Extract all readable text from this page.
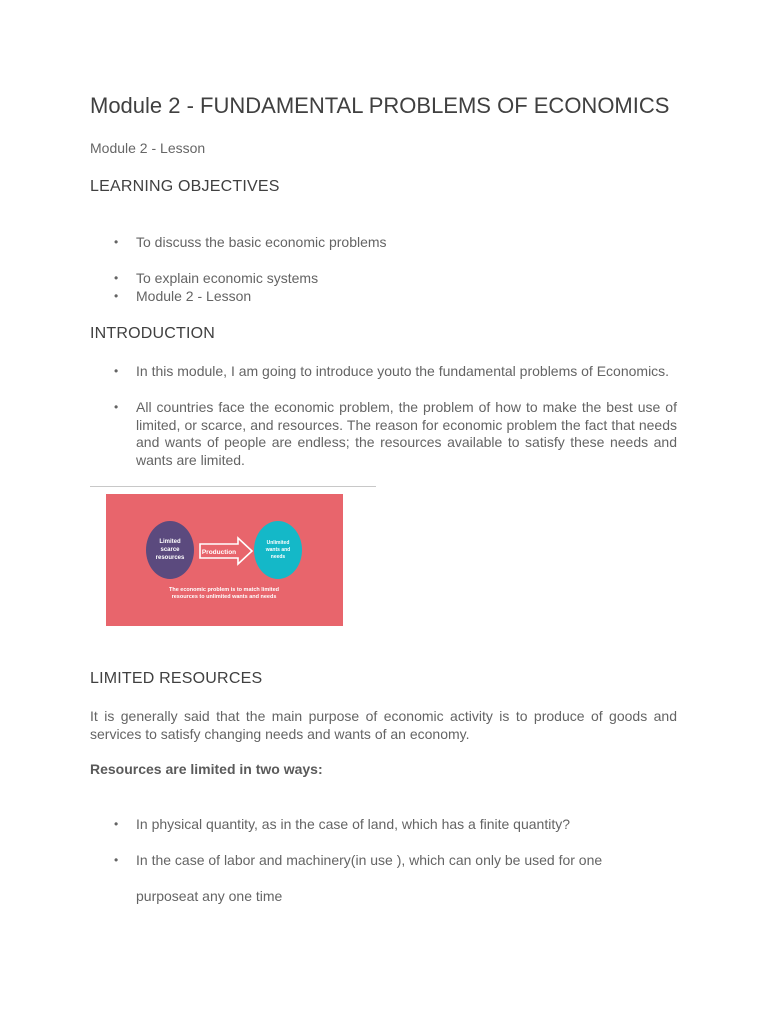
Module 2 - FUNDAMENTAL PROBLEMS OF ECONOMICS

Module 2 - Lesson

LEARNING OBJECTIVES
• To discuss the basic economic problems
• To explain economic systems
• Module 2 - Lesson
INTRODUCTION
• In this module, I am going to introduce youto the fundamental problems of Economics.
• All countries face the economic problem, the problem of how to make the best use of limited, or scarce, and resources. The reason for economic problem the fact that needs and wants of people are endless; the resources available to satisfy these needs and wants are limited.
Production
Limited
scarce
resources
Unlimited
wants and
needs
The economic problem is to match limited
resources to unlimited wants and needs
LIMITED RESOURCES

It is generally said that the main purpose of economic activity is to produce of goods and services to satisfy changing needs and wants of an economy.

Resources are limited in two ways:

• In physical quantity, as in the case of land, which has a finite quantity?
• In the case of labor and machinery(in use ), which can only be used for one
purposeat any one time
